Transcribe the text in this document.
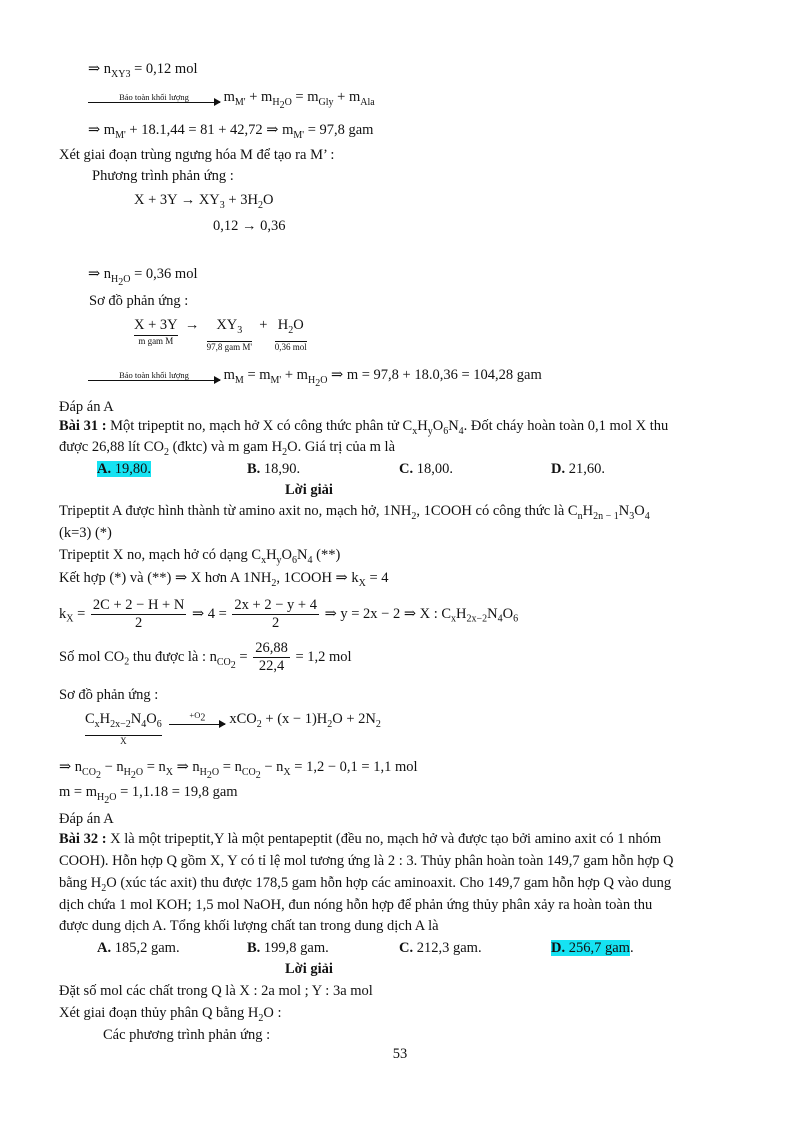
⇒ $n_{XY3} = 0,12$ mol
Bảo toàn khối lượng	$m_{M'} + m_{H_2O} = m_{Gly} + m_{Ala}$
⇒ $m_{M'} + 18.1,44 = 81 + 42,72$ ⇒ $m_{M'} = 97,8$ gam
Xét giai đoạn trùng ngưng hóa M để tạo ra M’ :
Phương trình phản ứng :
$X + 3Y \to XY_3 + 3H_2O$
0,12 → 0,36
⇒ $n_{H_2O} = 0,36$ mol
Sơ đồ phản ứng :
X + 3Y
m gam M
→ $XY_3$
97,8 gam M'
+ $H_2O$
0,36 mol
Bảo toàn khối lượng	$m_M = m_{M'} + m_{H_2O}$ ⇒ m = 97,8 + 18.0,36 = 104,28 gam
Đáp án A
Bài 31 : Một tripeptit no, mạch hở X có công thức phân tử $C_xH_yO_6N_4$. Đốt cháy hoàn toàn 0,1 mol X thu
được 26,88 lít $CO_2$ (đktc) và m gam $H_2O$. Giá trị của m là
A. 19,80.	B. 18,90.	C. 18,00.	D. 21,60.
Lời giải
Tripeptit A được hình thành từ amino axit no, mạch hở, $1NH_2$, 1COOH có công thức là $C_nH_{2n - 1}N_3O_4$
(k=3) (*)
Tripeptit X no, mạch hở có dạng $C_xH_yO_6N_4$ (**)
Kết hợp (*) và (**) ⇒ X hơn A $1NH_2$, 1COOH ⇒ $k_X = 4$
$k_X = \frac{2C + 2 - H + N}{2}$ ⇒ $4 = \frac{2x + 2 - y + 4}{2}$ ⇒ y = 2x − 2 ⇒ X : $C_xH_{2x-2}N_4O_6$
Số mol $CO_2$ thu được là : $n_{CO_2} = \frac{26,88}{22,4} = 1,2$ mol
Sơ đồ phản ứng :
$C_xH_{2x-2}N_4O_6$
X

$+O_2$	$xCO_2 + (x - 1)H_2O + 2N_2$
⇒ $n_{CO_2} - n_{H_2O} = n_X$ ⇒ $n_{H_2O} = n_{CO_2} - n_X = 1,2 - 0,1 = 1,1$ mol
$m = m_{H_2O} = 1,1.18 = 19,8$ gam
Đáp án A
Bài 32 : X là một tripeptit,Y là một pentapeptit (đều no, mạch hở và được tạo bởi amino axit có 1 nhóm
COOH). Hỗn hợp Q gồm X, Y có tỉ lệ mol tương ứng là 2 : 3. Thủy phân hoàn toàn 149,7 gam hỗn hợp Q
bằng $H_2O$ (xúc tác axit) thu được 178,5 gam hỗn hợp các aminoaxit. Cho 149,7 gam hỗn hợp Q vào dung
dịch chứa 1 mol KOH; 1,5 mol NaOH, đun nóng hỗn hợp để phản ứng thủy phân xảy ra hoàn toàn thu
được dung dịch A. Tổng khối lượng chất tan trong dung dịch A là
A. 185,2 gam.	B. 199,8 gam.	C. 212,3 gam.	D. 256,7 gam.
Lời giải
Đặt số mol các chất trong Q là X : 2a mol ; Y : 3a mol
Xét giai đoạn thủy phân Q bằng $H_2O$ :
Các phương trình phản ứng :
53
